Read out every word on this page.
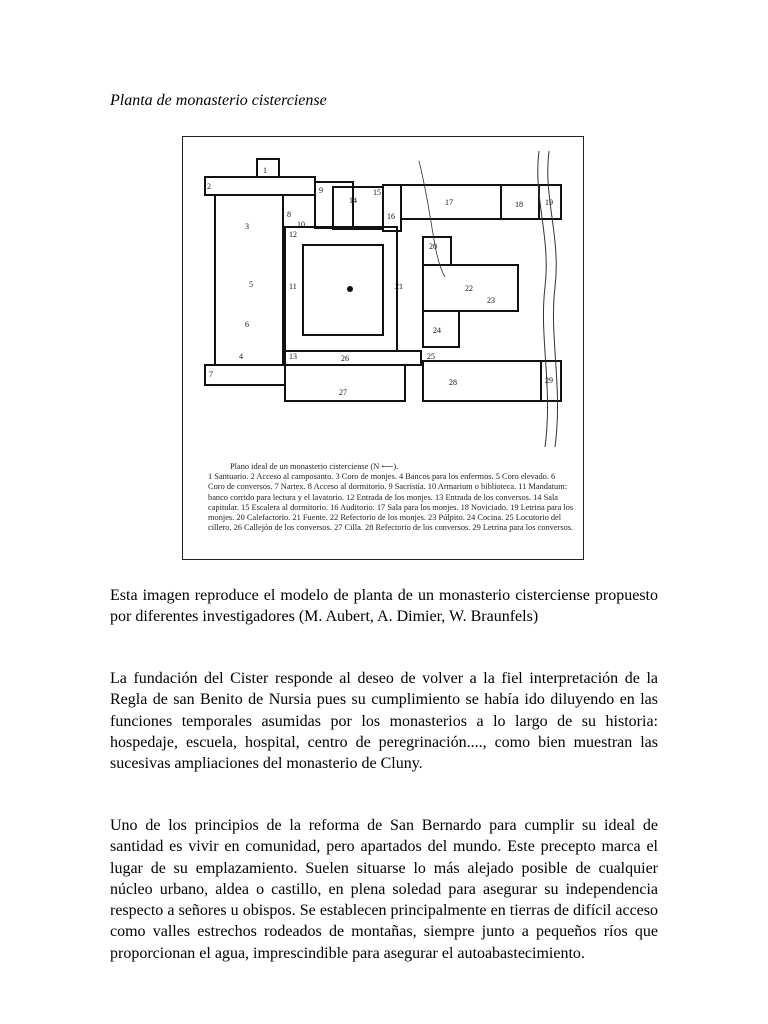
Planta de monasterio cisterciense
1
2
3
4
5
6
7
8
9
10
11
12
13
14
15
16
17	18	19
20
21	22
23
24
25
26
27
28	29
Plano ideal de un monasterio cisterciense (N ⟵).
1 Santuario. 2 Acceso al camposanto. 3 Coro de monjes. 4 Bancos para los enfermos. 5 Coro elevado. 6 Coro de conversos. 7 Nartex. 8 Acceso al dormitorio. 9 Sacristía. 10 Armarium o biblioteca. 11 Mandatum: banco corrido para lectura y el lavatorio. 12 Entrada de los monjes. 13 Entrada de los conversos. 14 Sala capitular. 15 Escalera al dormitorio. 16 Auditorio. 17 Sala para los monjes. 18 Noviciado. 19 Letrina para los monjes. 20 Calefactorio. 21 Fuente. 22 Refectorio de los monjes. 23 Púlpito. 24 Cocina. 25 Locutorio del cillero. 26 Callejón de los conversos. 27 Cilla. 28 Refectorio de los conversos. 29 Letrina para los conversos.
Esta imagen reproduce el modelo de planta de un monasterio cisterciense propuesto por diferentes investigadores (M. Aubert, A. Dimier, W. Braunfels)
La fundación del Cister responde al deseo de volver a la fiel interpretación de la Regla de san Benito de Nursia pues su cumplimiento se había ido diluyendo en las funciones temporales asumidas por los monasterios a lo largo de su historia: hospedaje, escuela, hospital, centro de peregrinación...., como bien muestran las sucesivas ampliaciones del monasterio de Cluny.
Uno de los principios de la reforma de San Bernardo para cumplir su ideal de santidad es vivir en comunidad, pero apartados del mundo. Este precepto marca el lugar de su emplazamiento. Suelen situarse lo más alejado posible de cualquier núcleo urbano, aldea o castillo, en plena soledad para asegurar su independencia respecto a señores u obispos. Se establecen principalmente en tierras de difícil acceso como valles estrechos rodeados de montañas, siempre junto a pequeños ríos que proporcionan el agua, imprescindible para asegurar el autoabastecimiento.
